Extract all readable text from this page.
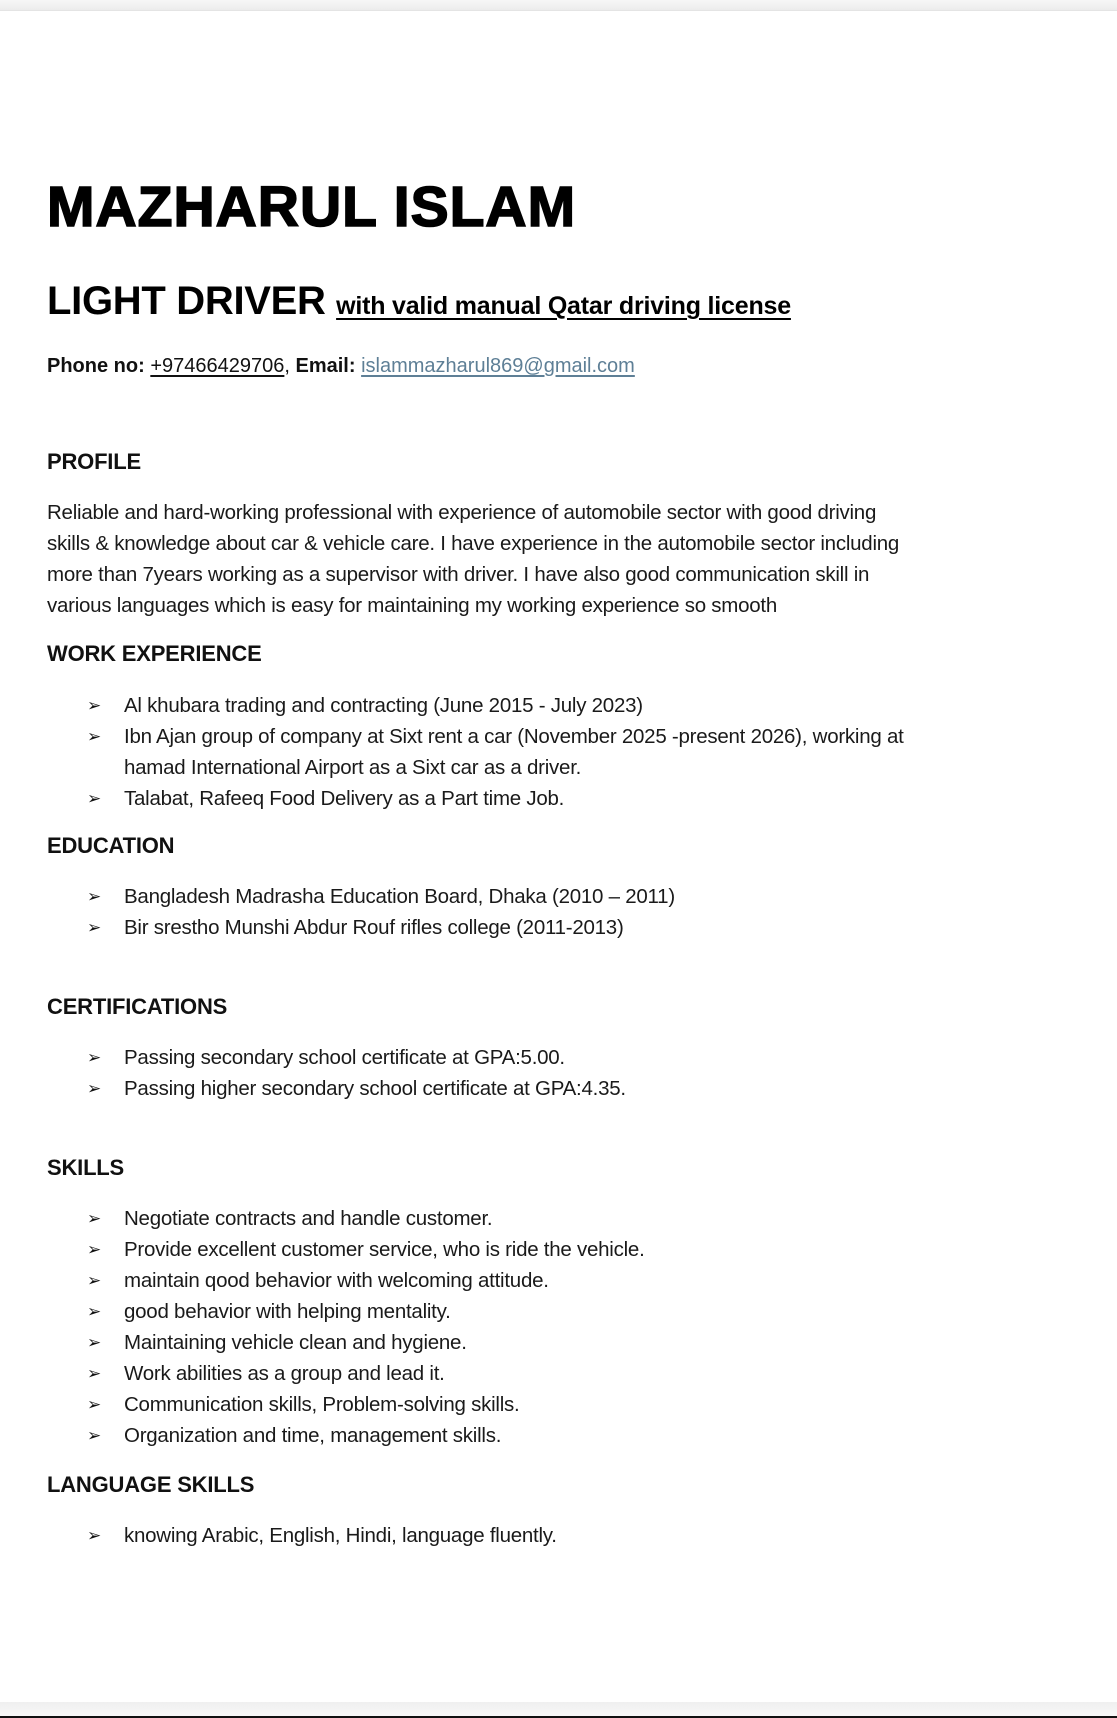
MAZHARUL ISLAM
LIGHT DRIVER with valid manual Qatar driving license
Phone no: +97466429706, Email: islammazharul869@gmail.com
PROFILE
Reliable and hard-working professional with experience of automobile sector with good driving
skills & knowledge about car & vehicle care. I have experience in the automobile sector including
more than 7years working as a supervisor with driver. I have also good communication skill in
various languages which is easy for maintaining my working experience so smooth
WORK EXPERIENCE
➢ Al khubara trading and contracting (June 2015 - July 2023)
➢ Ibn Ajan group of company at Sixt rent a car (November 2025 -present 2026), working at
hamad International Airport as a Sixt car as a driver.
➢ Talabat, Rafeeq Food Delivery as a Part time Job.
EDUCATION
➢ Bangladesh Madrasha Education Board, Dhaka (2010 – 2011)
➢ Bir srestho Munshi Abdur Rouf rifles college (2011-2013)
CERTIFICATIONS
➢ Passing secondary school certificate at GPA:5.00.
➢ Passing higher secondary school certificate at GPA:4.35.
SKILLS
➢ Negotiate contracts and handle customer.
➢ Provide excellent customer service, who is ride the vehicle.
➢ maintain qood behavior with welcoming attitude.
➢ good behavior with helping mentality.
➢ Maintaining vehicle clean and hygiene.
➢ Work abilities as a group and lead it.
➢ Communication skills, Problem-solving skills.
➢ Organization and time, management skills.
LANGUAGE SKILLS
➢ knowing Arabic, English, Hindi, language fluently.
